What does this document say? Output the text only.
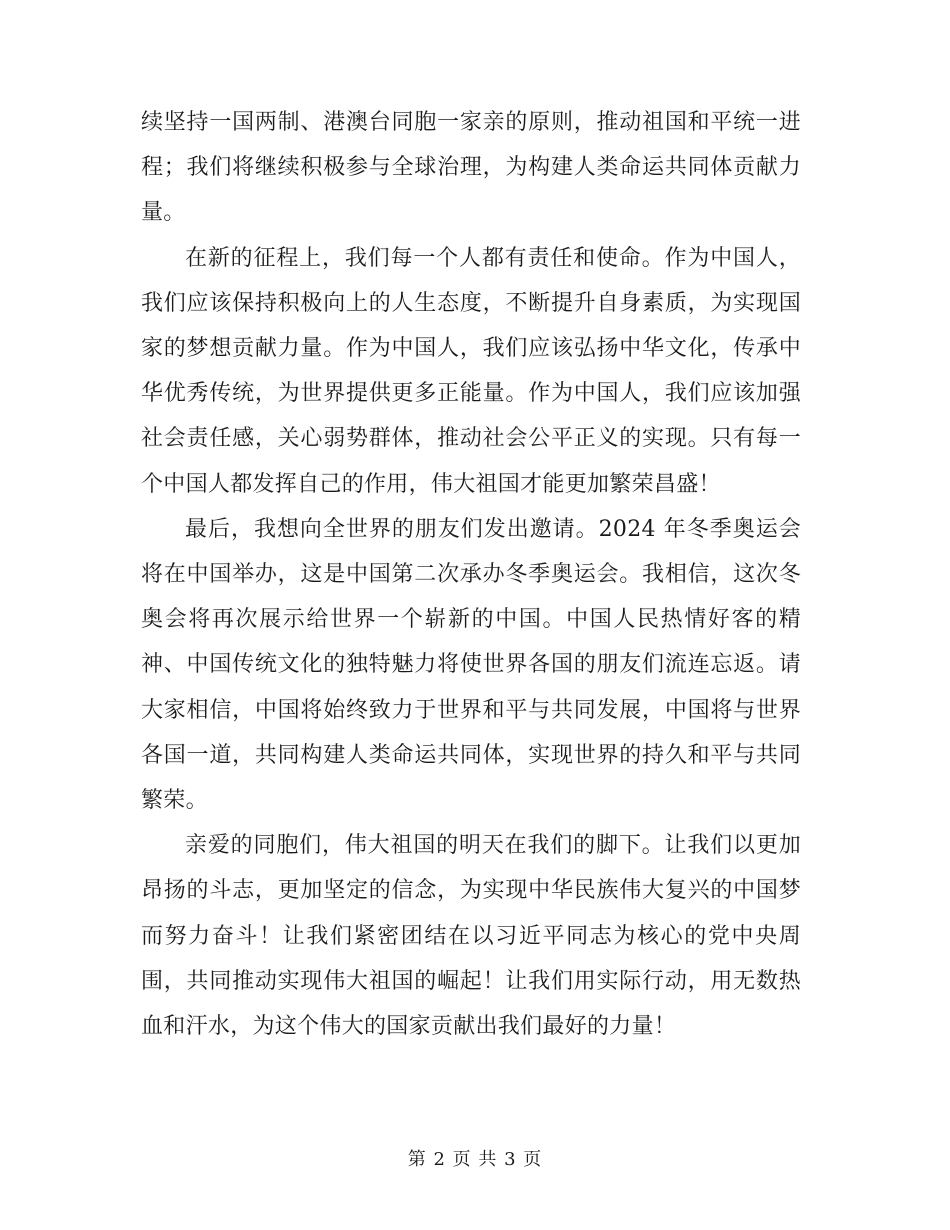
续坚持一国两制、港澳台同胞一家亲的原则，推动祖国和平统一进程；我们将继续积极参与全球治理，为构建人类命运共同体贡献力量。

在新的征程上，我们每一个人都有责任和使命。作为中国人，我们应该保持积极向上的人生态度，不断提升自身素质，为实现国家的梦想贡献力量。作为中国人，我们应该弘扬中华文化，传承中华优秀传统，为世界提供更多正能量。作为中国人，我们应该加强社会责任感，关心弱势群体，推动社会公平正义的实现。只有每一个中国人都发挥自己的作用，伟大祖国才能更加繁荣昌盛！

最后，我想向全世界的朋友们发出邀请。2024 年冬季奥运会将在中国举办，这是中国第二次承办冬季奥运会。我相信，这次冬奥会将再次展示给世界一个崭新的中国。中国人民热情好客的精神、中国传统文化的独特魅力将使世界各国的朋友们流连忘返。请大家相信，中国将始终致力于世界和平与共同发展，中国将与世界各国一道，共同构建人类命运共同体，实现世界的持久和平与共同繁荣。

亲爱的同胞们，伟大祖国的明天在我们的脚下。让我们以更加昂扬的斗志，更加坚定的信念，为实现中华民族伟大复兴的中国梦而努力奋斗！让我们紧密团结在以习近平同志为核心的党中央周围，共同推动实现伟大祖国的崛起！让我们用实际行动，用无数热血和汗水，为这个伟大的国家贡献出我们最好的力量！

第 2 页 共 3 页
